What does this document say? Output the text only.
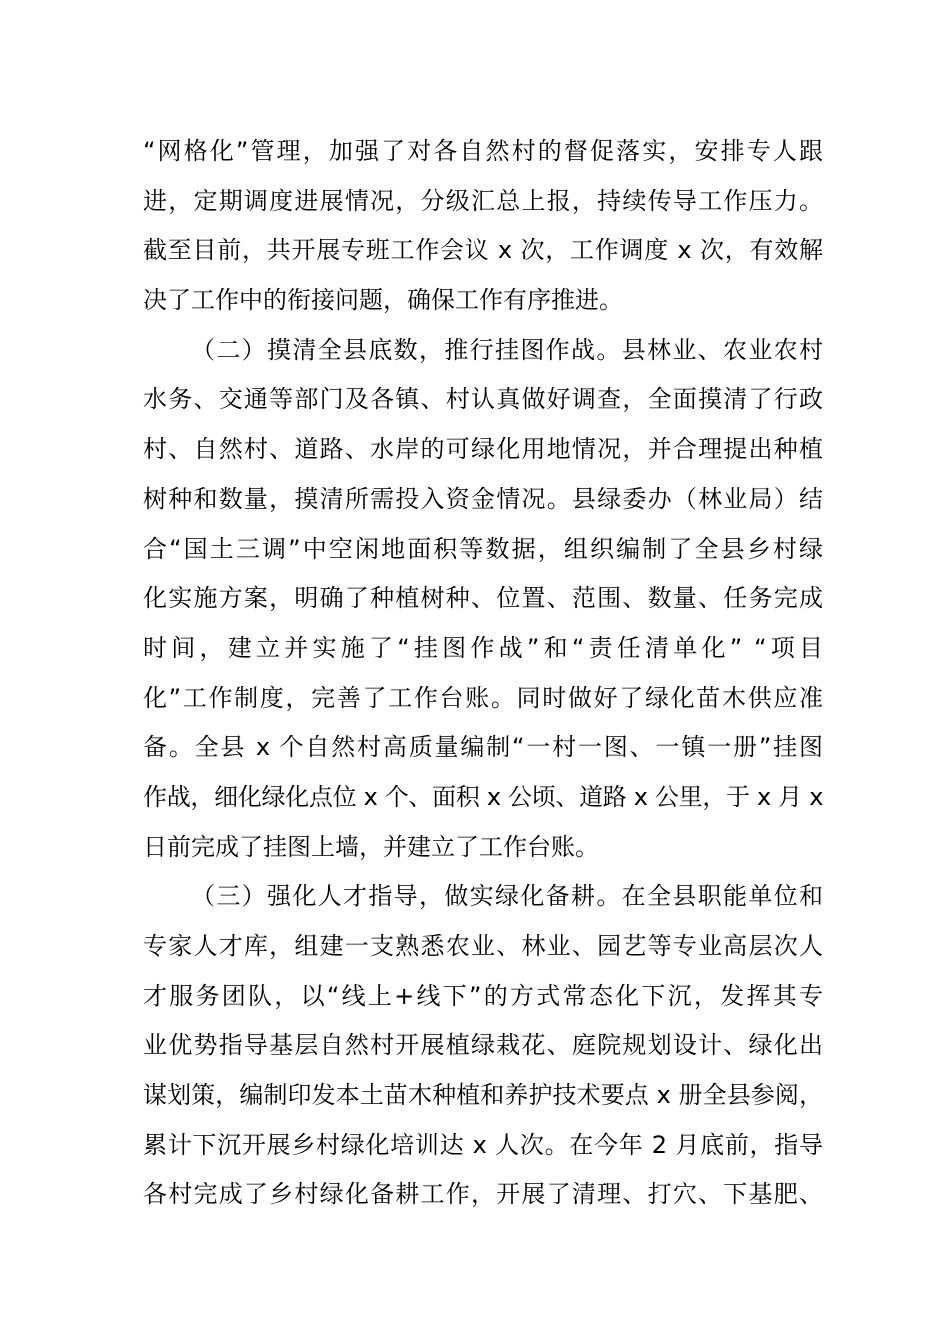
“网格化”管理，加强了对各自然村的督促落实，安排专人跟
进，定期调度进展情况，分级汇总上报，持续传导工作压力。
截至目前，共开展专班工作会议 x 次，工作调度 x 次，有效解
决了工作中的衔接问题，确保工作有序推进。
（二）摸清全县底数，推行挂图作战。县林业、农业农村
水务、交通等部门及各镇、村认真做好调查，全面摸清了行政
村、自然村、道路、水岸的可绿化用地情况，并合理提出种植
树种和数量，摸清所需投入资金情况。县绿委办（林业局）结
合“国土三调”中空闲地面积等数据，组织编制了全县乡村绿
化实施方案，明确了种植树种、位置、范围、数量、任务完成
时间，建立并实施了“挂图作战”和“责任清单化” “项目
化”工作制度，完善了工作台账。同时做好了绿化苗木供应准
备。全县 x 个自然村高质量编制“一村一图、一镇一册”挂图
作战，细化绿化点位 x 个、面积 x 公顷、道路 x 公里，于 x 月 x
日前完成了挂图上墙，并建立了工作台账。
（三）强化人才指导，做实绿化备耕。在全县职能单位和
专家人才库，组建一支熟悉农业、林业、园艺等专业高层次人
才服务团队，以“线上+线下”的方式常态化下沉，发挥其专
业优势指导基层自然村开展植绿栽花、庭院规划设计、绿化出
谋划策，编制印发本土苗木种植和养护技术要点 x 册全县参阅，
累计下沉开展乡村绿化培训达 x 人次。在今年 2 月底前，指导
各村完成了乡村绿化备耕工作，开展了清理、打穴、下基肥、
